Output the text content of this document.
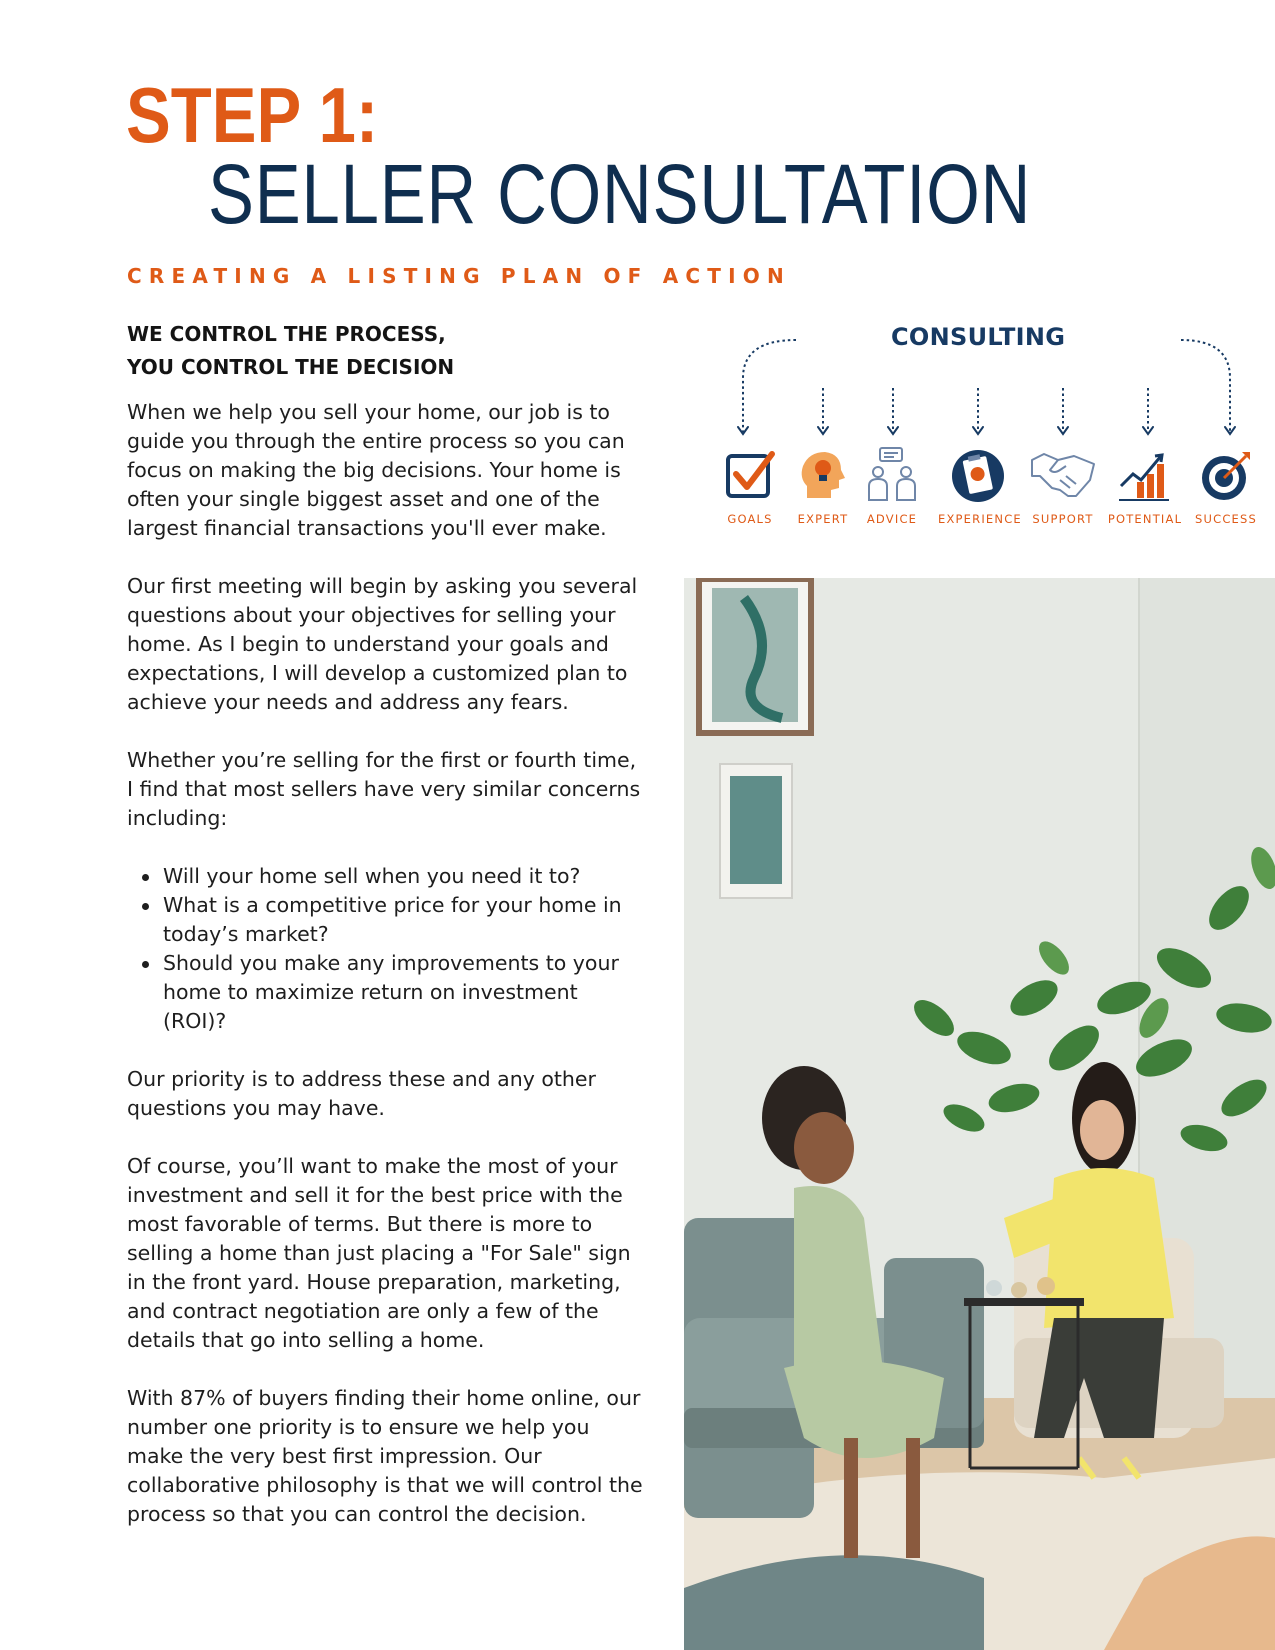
STEP 1:
SELLER CONSULTATION
CREATING A LISTING PLAN OF ACTION
WE CONTROL THE PROCESS,
YOU CONTROL THE DECISION

When we help you sell your home, our job is to guide you through the entire process so you can focus on making the big decisions. Your home is often your single biggest asset and one of the largest financial transactions you'll ever make.

Our first meeting will begin by asking you several questions about your objectives for selling your home. As I begin to understand your goals and expectations, I will develop a customized plan to achieve your needs and address any fears.

Whether you’re selling for the first or fourth time, I find that most sellers have very similar concerns including:

Will your home sell when you need it to?
What is a competitive price for your home in today’s market?
Should you make any improvements to your home to maximize return on investment (ROI)?

Our priority is to address these and any other questions you may have.

Of course, you’ll want to make the most of your investment and sell it for the best price with the most favorable of terms. But there is more to selling a home than just placing a "For Sale" sign in the front yard. House preparation, marketing, and contract negotiation are only a few of the details that go into selling a home.

With 87% of buyers finding their home online, our number one priority is to ensure we help you make the very best first impression. Our collaborative philosophy is that we will control the process so that you can control the decision.

CONSULTING
GOALS	EXPERT	ADVICE	EXPERIENCE SUPPORT	POTENTIAL	SUCCESS
